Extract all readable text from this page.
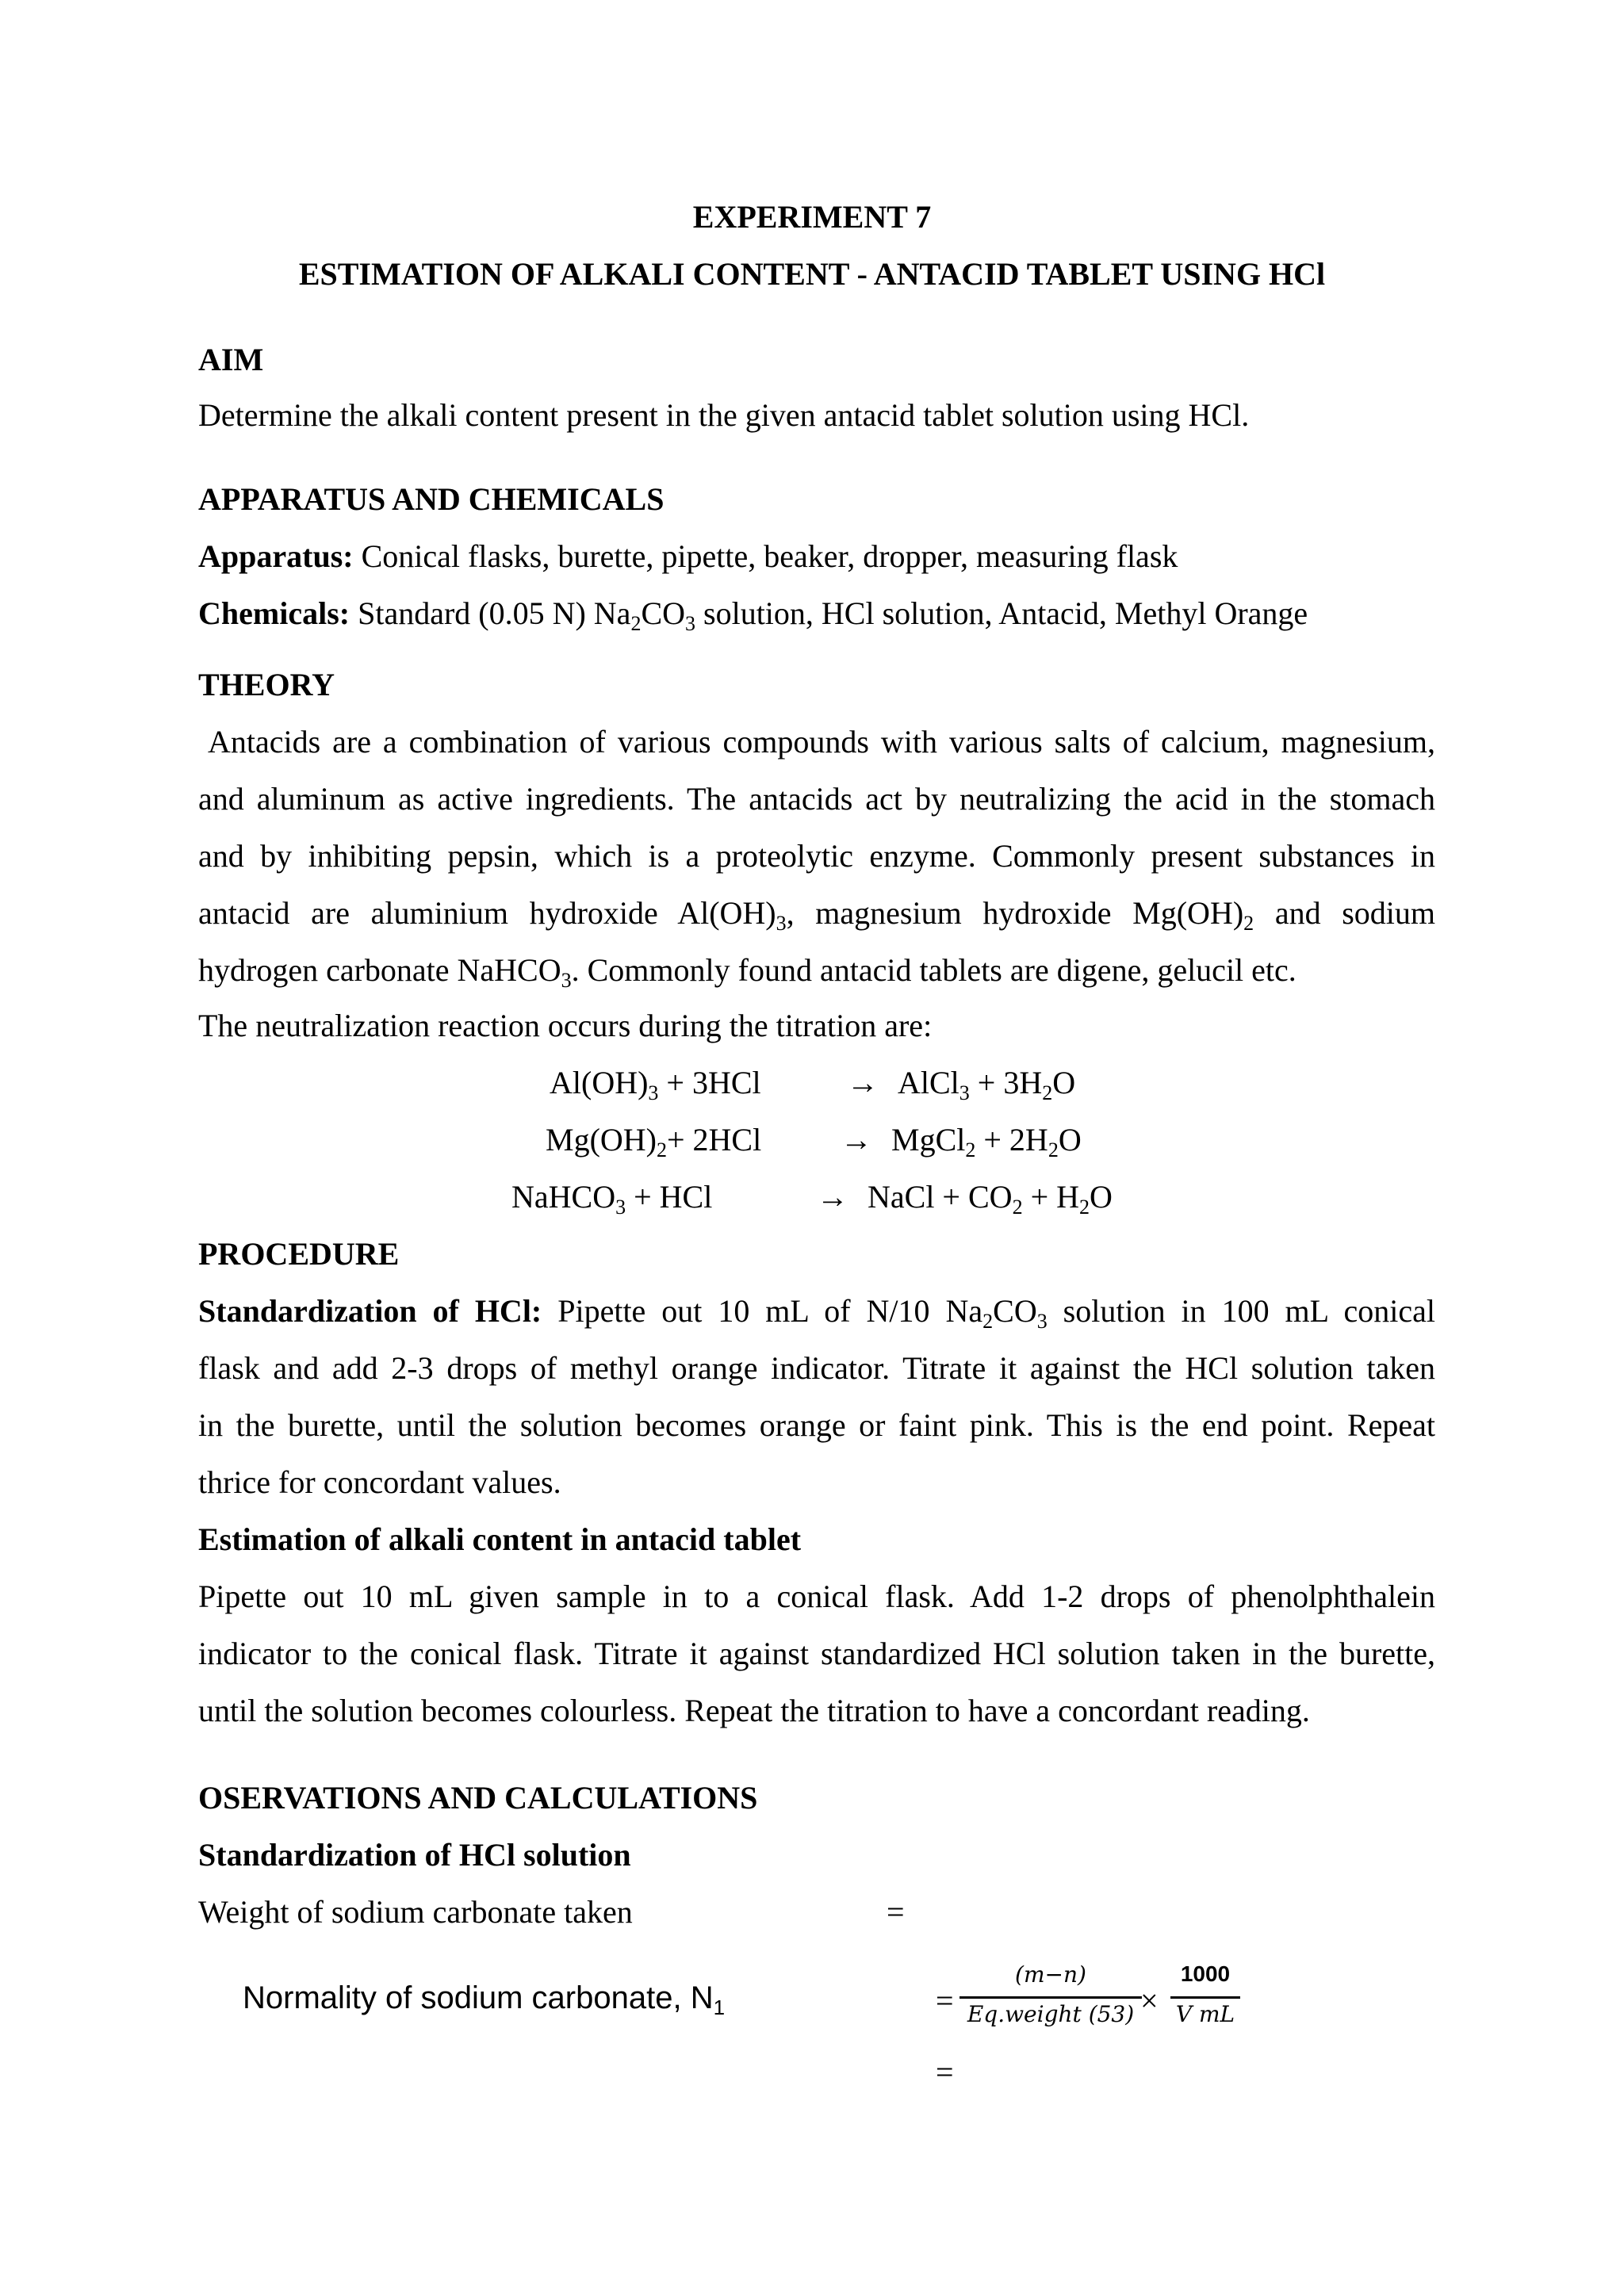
EXPERIMENT 7
ESTIMATION OF ALKALI CONTENT - ANTACID TABLET USING HCl
AIM
Determine the alkali content present in the given antacid tablet solution using HCl.
APPARATUS AND CHEMICALS
Apparatus: Conical flasks, burette, pipette, beaker, dropper, measuring flask
Chemicals: Standard (0.05 N) $Na_2CO_3$ solution, HCl solution, Antacid, Methyl Orange
THEORY
Antacids are a combination of various compounds with various salts of calcium, magnesium,
and aluminum as active ingredients. The antacids act by neutralizing the acid in the stomach
and by inhibiting pepsin, which is a proteolytic enzyme. Commonly present substances in
antacid are aluminium hydroxide $Al(OH)_3$, magnesium hydroxide $Mg(OH)_2$ and sodium
hydrogen carbonate NaHCO$_3$. Commonly found antacid tablets are digene, gelucil etc.
The neutralization reaction occurs during the titration are:
$Al(OH)_3 + 3HCl$	→ AlCl$_3$ + $3H_2O$
$Mg(OH)_2+ 2HCl$ → MgCl$_2$ + $2H_2O$
NaHCO$_3$ + HCl	→ NaCl + $CO_2 + H_2O$
PROCEDURE
Standardization of HCl: Pipette out 10 mL of N/10 $Na_2CO_3$ solution in 100 mL conical
flask and add 2-3 drops of methyl orange indicator. Titrate it against the HCl solution taken
in the burette, until the solution becomes orange or faint pink. This is the end point. Repeat
thrice for concordant values.
Estimation of alkali content in antacid tablet
Pipette out 10 mL given sample in to a conical flask. Add 1-2 drops of phenolphthalein
indicator to the conical flask. Titrate it against standardized HCl solution taken in the burette,
until the solution becomes colourless. Repeat the titration to have a concordant reading.
OSERVATIONS AND CALCULATIONS
Standardization of HCl solution
Weight of sodium carbonate taken	=
Normality of sodium carbonate, $N_1$	=
(m−n)
Eq.weight (53) ×
1000
V mL
=
